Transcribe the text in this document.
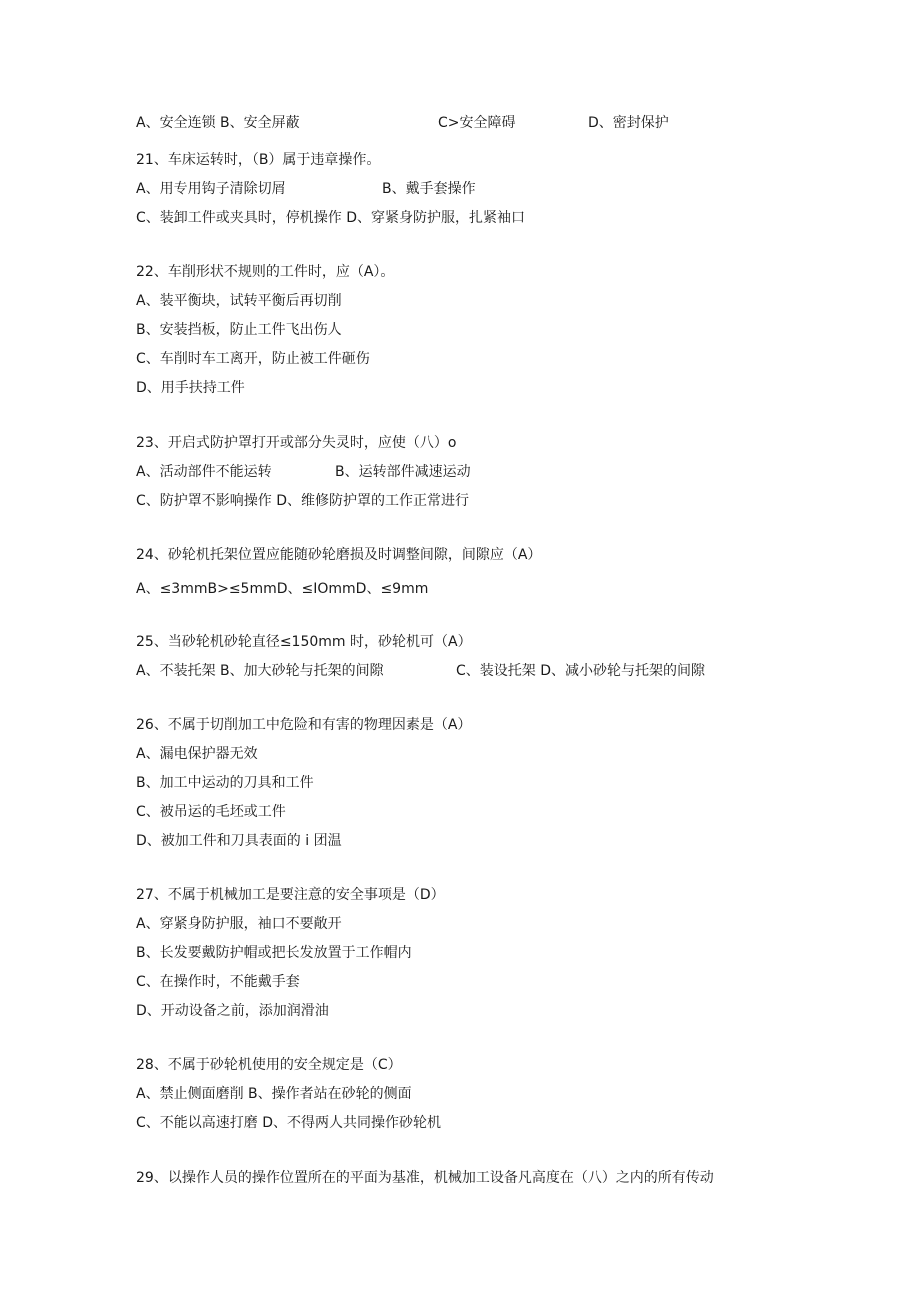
A、安全连锁 B、安全屏蔽	C>安全障碍	D、密封保护
21、车床运转时，（B）属于违章操作。
A、用专用钩子清除切屑	B、戴手套操作
C、装卸工件或夹具时，停机操作 D、穿紧身防护服，扎紧袖口
22、车削形状不规则的工件时，应（A）。
A、装平衡块，试转平衡后再切削
B、安装挡板，防止工件飞出伤人
C、车削时车工离开，防止被工件砸伤
D、用手扶持工件
23、开启式防护罩打开或部分失灵时，应使（八）o
A、活动部件不能运转	B、运转部件减速运动
C、防护罩不影响操作 D、维修防护罩的工作正常进行
24、砂轮机托架位置应能随砂轮磨损及时调整间隙，间隙应（A）
A、≤3mmB>≤5mmD、≤IOmmD、≤9mm
25、当砂轮机砂轮直径≤150mm 时，砂轮机可（A）
A、不装托架 B、加大砂轮与托架的间隙	C、装设托架 D、减小砂轮与托架的间隙
26、不属于切削加工中危险和有害的物理因素是（A）
A、漏电保护器无效
B、加工中运动的刀具和工件
C、被吊运的毛坯或工件
D、被加工件和刀具表面的 i 团温
27、不属于机械加工是要注意的安全事项是（D）
A、穿紧身防护服，袖口不要敞开
B、长发要戴防护帽或把长发放置于工作帽内
C、在操作时，不能戴手套
D、开动设备之前，添加润滑油
28、不属于砂轮机使用的安全规定是（C）
A、禁止侧面磨削 B、操作者站在砂轮的侧面
C、不能以高速打磨 D、不得两人共同操作砂轮机
29、以操作人员的操作位置所在的平面为基准，机械加工设备凡高度在（八）之内的所有传动
